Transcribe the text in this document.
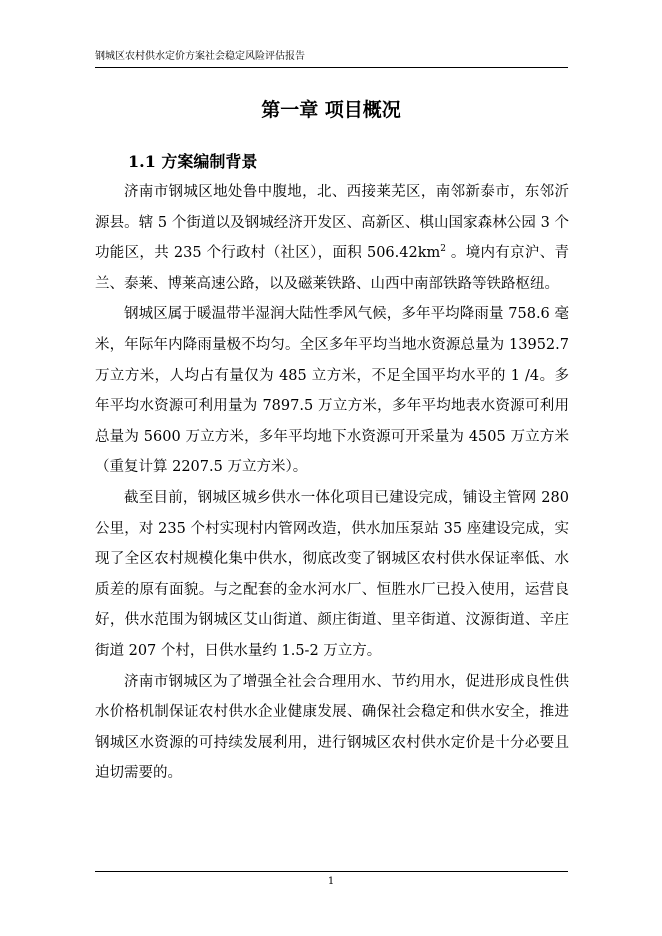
钢城区农村供水定价方案社会稳定风险评估报告
第一章 项目概况
1.1 方案编制背景

济南市钢城区地处鲁中腹地，北、西接莱芜区，南邻新泰市，东邻沂源县。辖 5 个街道以及钢城经济开发区、高新区、棋山国家森林公园 3 个功能区，共 235 个行政村（社区），面积 $506.42km^2$ 。境内有京沪、青兰、泰莱、博莱高速公路，以及磁莱铁路、山西中南部铁路等铁路枢纽。

钢城区属于暖温带半湿润大陆性季风气候，多年平均降雨量 758.6 毫米，年际年内降雨量极不均匀。全区多年平均当地水资源总量为 13952.7 万立方米，人均占有量仅为 485 立方米，不足全国平均水平的 1 /4。多年平均水资源可利用量为 7897.5 万立方米，多年平均地表水资源可利用总量为 5600 万立方米，多年平均地下水资源可开采量为 4505 万立方米（重复计算 2207.5 万立方米）。

截至目前，钢城区城乡供水一体化项目已建设完成，铺设主管网 280 公里，对 235 个村实现村内管网改造，供水加压泵站 35 座建设完成，实现了全区农村规模化集中供水，彻底改变了钢城区农村供水保证率低、水质差的原有面貌。与之配套的金水河水厂、恒胜水厂已投入使用，运营良好，供水范围为钢城区艾山街道、颜庄街道、里辛街道、汶源街道、辛庄街道 207 个村，日供水量约 1.5-2 万立方。

济南市钢城区为了增强全社会合理用水、节约用水，促进形成良性供水价格机制保证农村供水企业健康发展、确保社会稳定和供水安全，推进钢城区水资源的可持续发展利用，进行钢城区农村供水定价是十分必要且迫切需要的。

1
